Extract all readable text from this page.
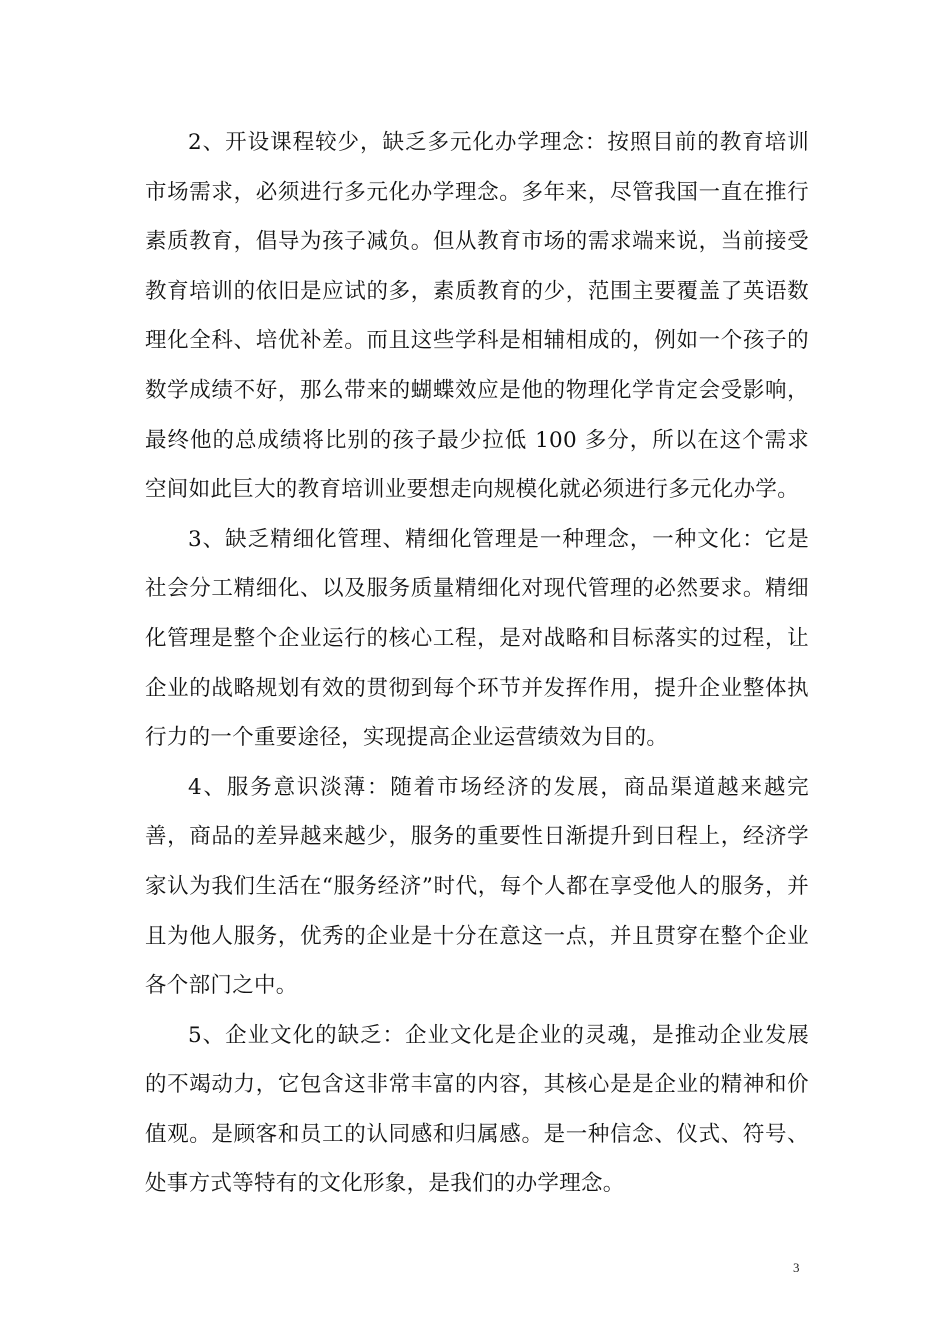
2、开设课程较少，缺乏多元化办学理念：按照目前的教育培训市场需求，必须进行多元化办学理念。多年来，尽管我国一直在推行素质教育，倡导为孩子减负。但从教育市场的需求端来说，当前接受教育培训的依旧是应试的多，素质教育的少，范围主要覆盖了英语数理化全科、培优补差。而且这些学科是相辅相成的，例如一个孩子的数学成绩不好，那么带来的蝴蝶效应是他的物理化学肯定会受影响，最终他的总成绩将比别的孩子最少拉低 100 多分，所以在这个需求空间如此巨大的教育培训业要想走向规模化就必须进行多元化办学。

3、缺乏精细化管理、精细化管理是一种理念，一种文化：它是社会分工精细化、以及服务质量精细化对现代管理的必然要求。精细化管理是整个企业运行的核心工程，是对战略和目标落实的过程，让企业的战略规划有效的贯彻到每个环节并发挥作用，提升企业整体执行力的一个重要途径，实现提高企业运营绩效为目的。

4、服务意识淡薄：随着市场经济的发展，商品渠道越来越完善，商品的差异越来越少，服务的重要性日渐提升到日程上，经济学家认为我们生活在“服务经济”时代，每个人都在享受他人的服务，并且为他人服务，优秀的企业是十分在意这一点，并且贯穿在整个企业各个部门之中。

5、企业文化的缺乏：企业文化是企业的灵魂，是推动企业发展的不竭动力，它包含这非常丰富的内容，其核心是是企业的精神和价值观。是顾客和员工的认同感和归属感。是一种信念、仪式、符号、处事方式等特有的文化形象，是我们的办学理念。

3
